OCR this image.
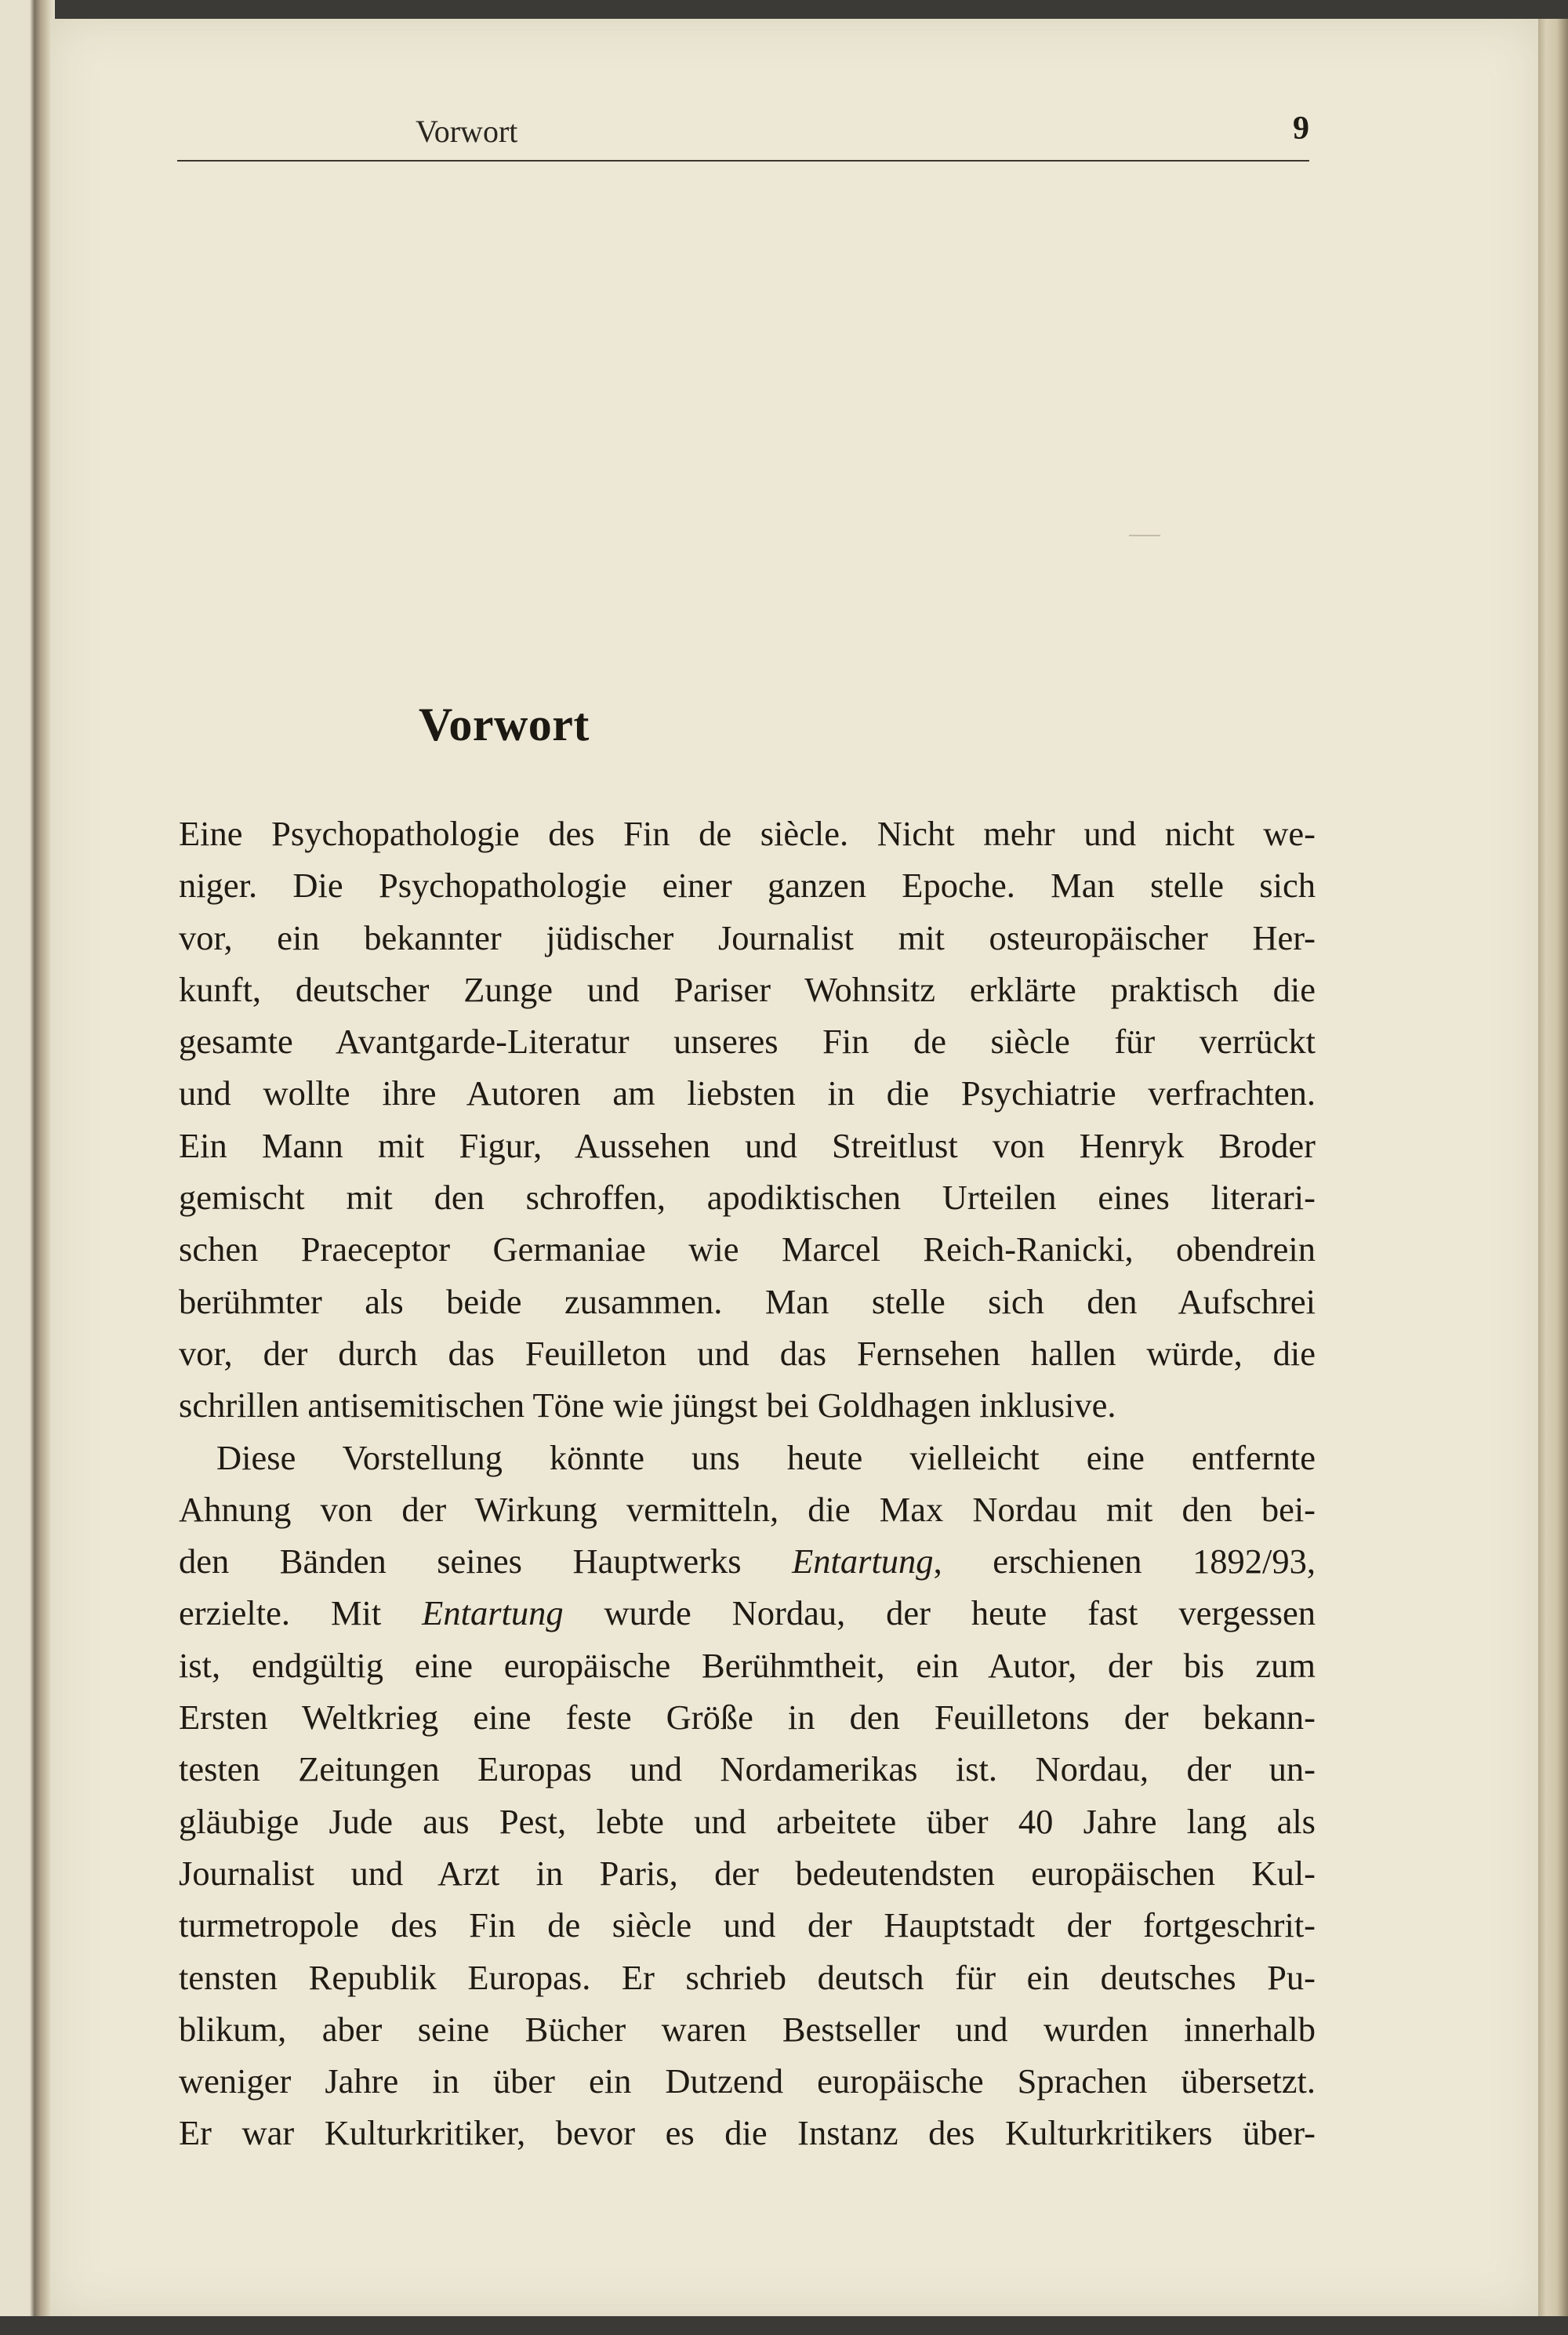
Vorwort	9
Vorwort
Eine Psychopathologie des Fin de siècle. Nicht mehr und nicht we-
niger. Die Psychopathologie einer ganzen Epoche. Man stelle sich
vor, ein bekannter jüdischer Journalist mit osteuropäischer Her-
kunft, deutscher Zunge und Pariser Wohnsitz erklärte praktisch die
gesamte Avantgarde-Literatur unseres Fin de siècle für verrückt
und wollte ihre Autoren am liebsten in die Psychiatrie verfrachten.
Ein Mann mit Figur, Aussehen und Streitlust von Henryk Broder
gemischt mit den schroffen, apodiktischen Urteilen eines literari-
schen Praeceptor Germaniae wie Marcel Reich-Ranicki, obendrein
berühmter als beide zusammen. Man stelle sich den Aufschrei
vor, der durch das Feuilleton und das Fernsehen hallen würde, die
schrillen antisemitischen Töne wie jüngst bei Goldhagen inklusive.
Diese Vorstellung könnte uns heute vielleicht eine entfernte
Ahnung von der Wirkung vermitteln, die Max Nordau mit den bei-
den Bänden seines Hauptwerks Entartung, erschienen 1892/93,
erzielte. Mit Entartung wurde Nordau, der heute fast vergessen
ist, endgültig eine europäische Berühmtheit, ein Autor, der bis zum
Ersten Weltkrieg eine feste Größe in den Feuilletons der bekann-
testen Zeitungen Europas und Nordamerikas ist. Nordau, der un-
gläubige Jude aus Pest, lebte und arbeitete über 40 Jahre lang als
Journalist und Arzt in Paris, der bedeutendsten europäischen Kul-
turmetropole des Fin de siècle und der Hauptstadt der fortgeschrit-
tensten Republik Europas. Er schrieb deutsch für ein deutsches Pu-
blikum, aber seine Bücher waren Bestseller und wurden innerhalb
weniger Jahre in über ein Dutzend europäische Sprachen übersetzt.
Er war Kulturkritiker, bevor es die Instanz des Kulturkritikers über-
